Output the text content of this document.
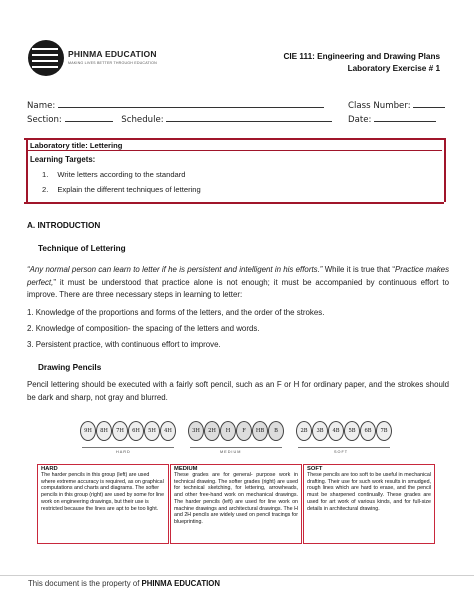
PHINMA EDUCATION
MAKING LIVES BETTER THROUGH EDUCATION
CIE 111: Engineering and Drawing Plans
Laboratory Exercise # 1
Name:	Class Number:
Section:	Schedule:	Date:
Laboratory title: Lettering
Learning Targets:
1. Write letters according to the standard
2. Explain the different techniques of lettering
A. INTRODUCTION
Technique of Lettering
“Any normal person can learn to letter if he is persistent and intelligent in his efforts.” While it is true that “Practice makes perfect,” it must be understood that practice alone is not enough; it must be accompanied by continuous effort to improve. There are three necessary steps in learning to letter:
1. Knowledge of the proportions and forms of the letters, and the order of the strokes.
2. Knowledge of composition- the spacing of the letters and words.
3. Persistent practice, with continuous effort to improve.
Drawing Pencils
Pencil lettering should be executed with a fairly soft pencil, such as an F or H for ordinary paper, and the strokes should be dark and sharp, not gray and blurred.
9H 8H 7H 6H 5H 4H
HARD
3H 2H H F HB B
MEDIUM
2B 3B 4B 5B 6B 7B
SOFT
HARD
The harder pencils in this group (left) are used where extreme accuracy is required, as on graphical computations and charts and diagrams. The softer pencils in this group (right) are used by some for line work on engineering drawings, but their use is restricted because the lines are apt to be too light.
MEDIUM
These grades are for general- purpose work in technical drawing. The softer grades (right) are used for technical sketching, for lettering, arrowheads, and other free-hand work on mechanical drawings. The harder pencils (left) are used for line work on machine drawings and architectural drawings. The H and 2H pencils are widely used on pencil tracings for blueprinting.
SOFT
These pencils are too soft to be useful in mechanical drafting. Their use for such work results in smudged, rough lines which are hard to erase, and the pencil must be sharpened continually. These grades are used for art work of various kinds, and for full-size details in architectural drawing.
This document is the property of PHINMA EDUCATION
